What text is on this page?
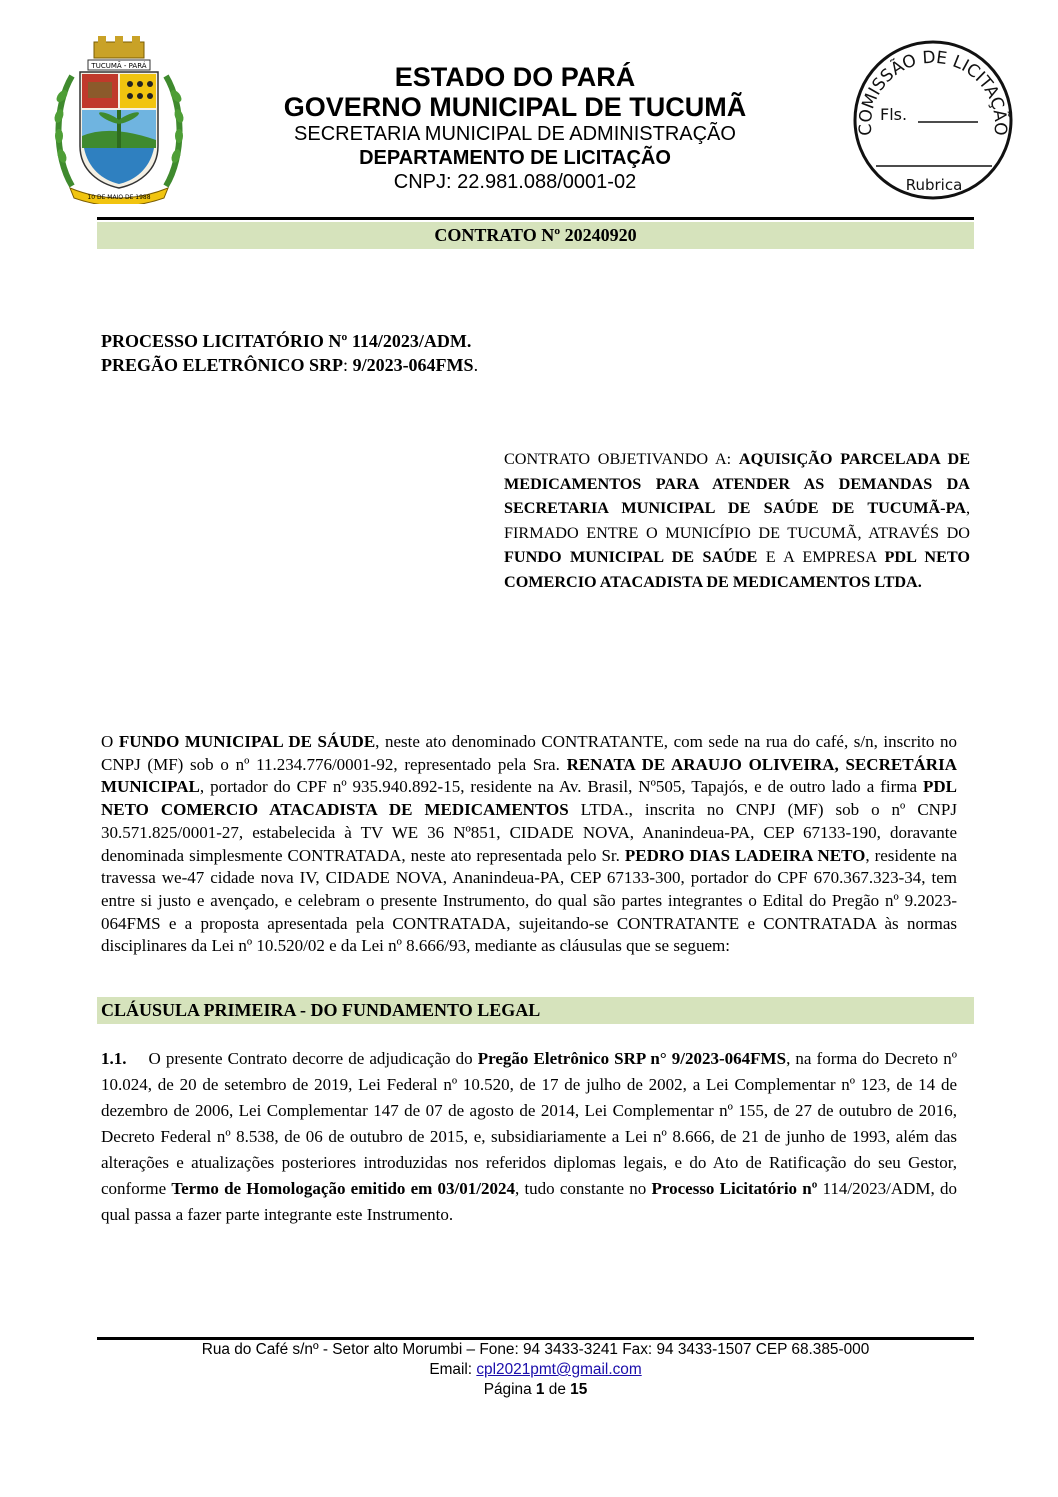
TUCUMÃ - PARÁ
10 DE MAIO DE 1988
ESTADO DO PARÁ
GOVERNO MUNICIPAL DE TUCUMÃ
SECRETARIA MUNICIPAL DE ADMINISTRAÇÃO
DEPARTAMENTO DE LICITAÇÃO
CNPJ: 22.981.088/0001-02
COMISSÃO DE LICITAÇÃO
Fls.
Rubrica
CONTRATO Nº 20240920
PROCESSO LICITATÓRIO Nº 114/2023/ADM.
PREGÃO ELETRÔNICO SRP: 9/2023-064FMS.
CONTRATO OBJETIVANDO A: AQUISIÇÃO PARCELADA DE MEDICAMENTOS PARA ATENDER AS DEMANDAS DA SECRETARIA MUNICIPAL DE SAÚDE DE TUCUMÃ-PA, FIRMADO ENTRE O MUNICÍPIO DE TUCUMÃ, ATRAVÉS DO FUNDO MUNICIPAL DE SAÚDE E A EMPRESA PDL NETO COMERCIO ATACADISTA DE MEDICAMENTOS LTDA.
O FUNDO MUNICIPAL DE SÁUDE, neste ato denominado CONTRATANTE, com sede na rua do café, s/n, inscrito no CNPJ (MF) sob o nº 11.234.776/0001-92, representado pela Sra. RENATA DE ARAUJO OLIVEIRA, SECRETÁRIA MUNICIPAL, portador do CPF nº 935.940.892-15, residente na Av. Brasil, Nº505, Tapajós, e de outro lado a firma PDL NETO COMERCIO ATACADISTA DE MEDICAMENTOS LTDA., inscrita no CNPJ (MF) sob o nº CNPJ 30.571.825/0001-27, estabelecida à TV WE 36 Nº851, CIDADE NOVA, Ananindeua-PA, CEP 67133-190, doravante denominada simplesmente CONTRATADA, neste ato representada pelo Sr. PEDRO DIAS LADEIRA NETO, residente na travessa we-47 cidade nova IV, CIDADE NOVA, Ananindeua-PA, CEP 67133-300, portador do CPF 670.367.323-34, tem entre si justo e avençado, e celebram o presente Instrumento, do qual são partes integrantes o Edital do Pregão nº 9.2023-064FMS e a proposta apresentada pela CONTRATADA, sujeitando-se CONTRATANTE e CONTRATADA às normas disciplinares da Lei nº 10.520/02 e da Lei nº 8.666/93, mediante as cláusulas que se seguem:
CLÁUSULA PRIMEIRA - DO FUNDAMENTO LEGAL
1.1. O presente Contrato decorre de adjudicação do Pregão Eletrônico SRP n° 9/2023-064FMS, na forma do Decreto nº 10.024, de 20 de setembro de 2019, Lei Federal nº 10.520, de 17 de julho de 2002, a Lei Complementar nº 123, de 14 de dezembro de 2006, Lei Complementar 147 de 07 de agosto de 2014, Lei Complementar nº 155, de 27 de outubro de 2016, Decreto Federal nº 8.538, de 06 de outubro de 2015, e, subsidiariamente a Lei nº 8.666, de 21 de junho de 1993, além das alterações e atualizações posteriores introduzidas nos referidos diplomas legais, e do Ato de Ratificação do seu Gestor, conforme Termo de Homologação emitido em 03/01/2024, tudo constante no Processo Licitatório nº 114/2023/ADM, do qual passa a fazer parte integrante este Instrumento.
Rua do Café s/nº - Setor alto Morumbi – Fone: 94 3433-3241 Fax: 94 3433-1507 CEP 68.385-000
Email: cpl2021pmt@gmail.com
Página 1 de 15
